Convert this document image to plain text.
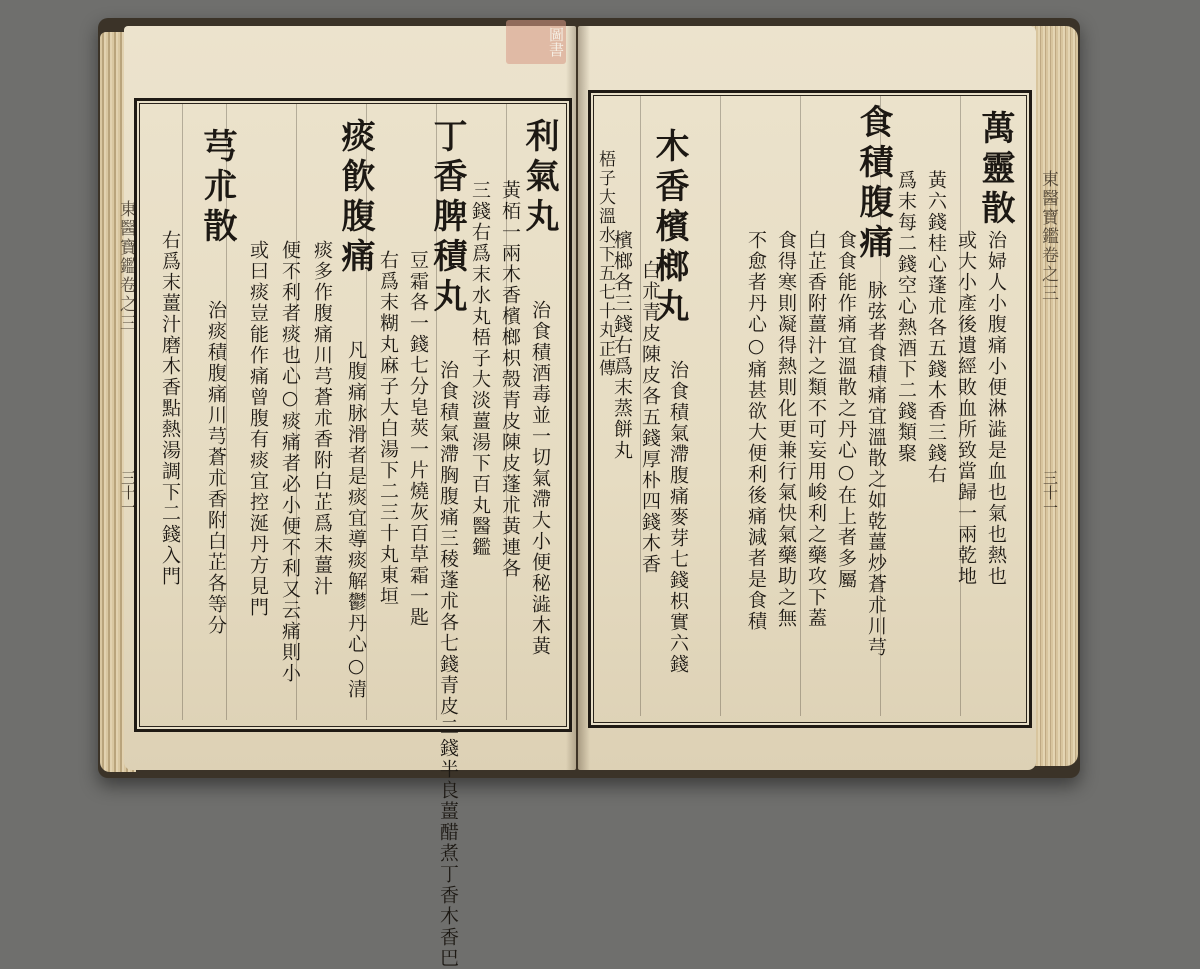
圖書
東醫寶鑑卷之三
三十一
東醫寶鑑卷之三
三十一
利氣丸
治食積酒毒並一切氣滯大小便秘澁木黃
黃栢一兩木香檳榔枳殼青皮陳皮蓬朮黃連各
三錢右爲末水丸梧子大淡薑湯下百丸醫鑑
丁香脾積丸
治食積氣滯胸腹痛三稜蓬朮各七錢青皮二錢半良薑醋煮丁香木香巴
豆霜各一錢七分皂莢一片燒灰百草霜一匙
右爲末糊丸麻子大白湯下二三十丸東垣
痰飮腹痛
凡腹痛脉滑者是痰宜導痰解鬱丹心○清
痰多作腹痛川芎蒼朮香附白芷爲末薑汁
便不利者痰也心○痰痛者必小便不利又云痛則小
或曰痰豈能作痛曾腹有痰宜控涎丹方見門
芎朮散
治痰積腹痛川芎蒼朮香附白芷各等分
右爲末薑汁磨木香點熱湯調下二錢入門
萬靈散
治婦人小腹痛小便淋澁是血也氣也熱也
或大小產後遺經敗血所致當歸一兩乾地
黃六錢桂心蓬朮各五錢木香三錢右
爲末每二錢空心熱酒下二錢類聚
食積腹痛
脉弦者食積痛宜溫散之如乾薑炒蒼朮川芎
食食能作痛宜溫散之丹心○在上者多屬
白芷香附薑汁之類不可妄用峻利之藥攻下蓋
食得寒則凝得熱則化更兼行氣快氣藥助之無
不愈者丹心○痛甚欲大便利後痛減者是食積
木香檳榔丸
治食積氣滯腹痛麥芽七錢枳實六錢
白朮青皮陳皮各五錢厚朴四錢木香
檳榔各三錢右爲末蒸餅丸
梧子大溫水下五七十丸正傳
